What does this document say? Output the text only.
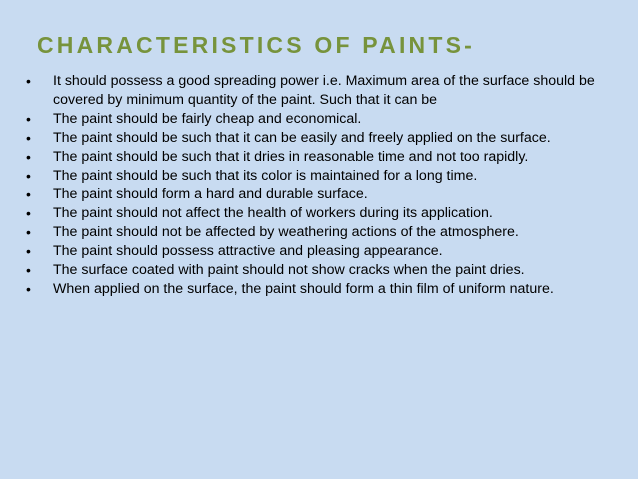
CHARACTERISTICS OF PAINTS-
• It should possess a good spreading power i.e. Maximum area of the surface should be covered by minimum quantity of the paint. Such that it can be
• The paint should be fairly cheap and economical.
• The paint should be such that it can be easily and freely applied on the surface.
• The paint should be such that it dries in reasonable time and not too rapidly.
• The paint should be such that its color is maintained for a long time.
• The paint should form a hard and durable surface.
• The paint should not affect the health of workers during its application.
• The paint should not be affected by weathering actions of the atmosphere.
• The paint should possess attractive and pleasing appearance.
• The surface coated with paint should not show cracks when the paint dries.
• When applied on the surface, the paint should form a thin film of uniform nature.
